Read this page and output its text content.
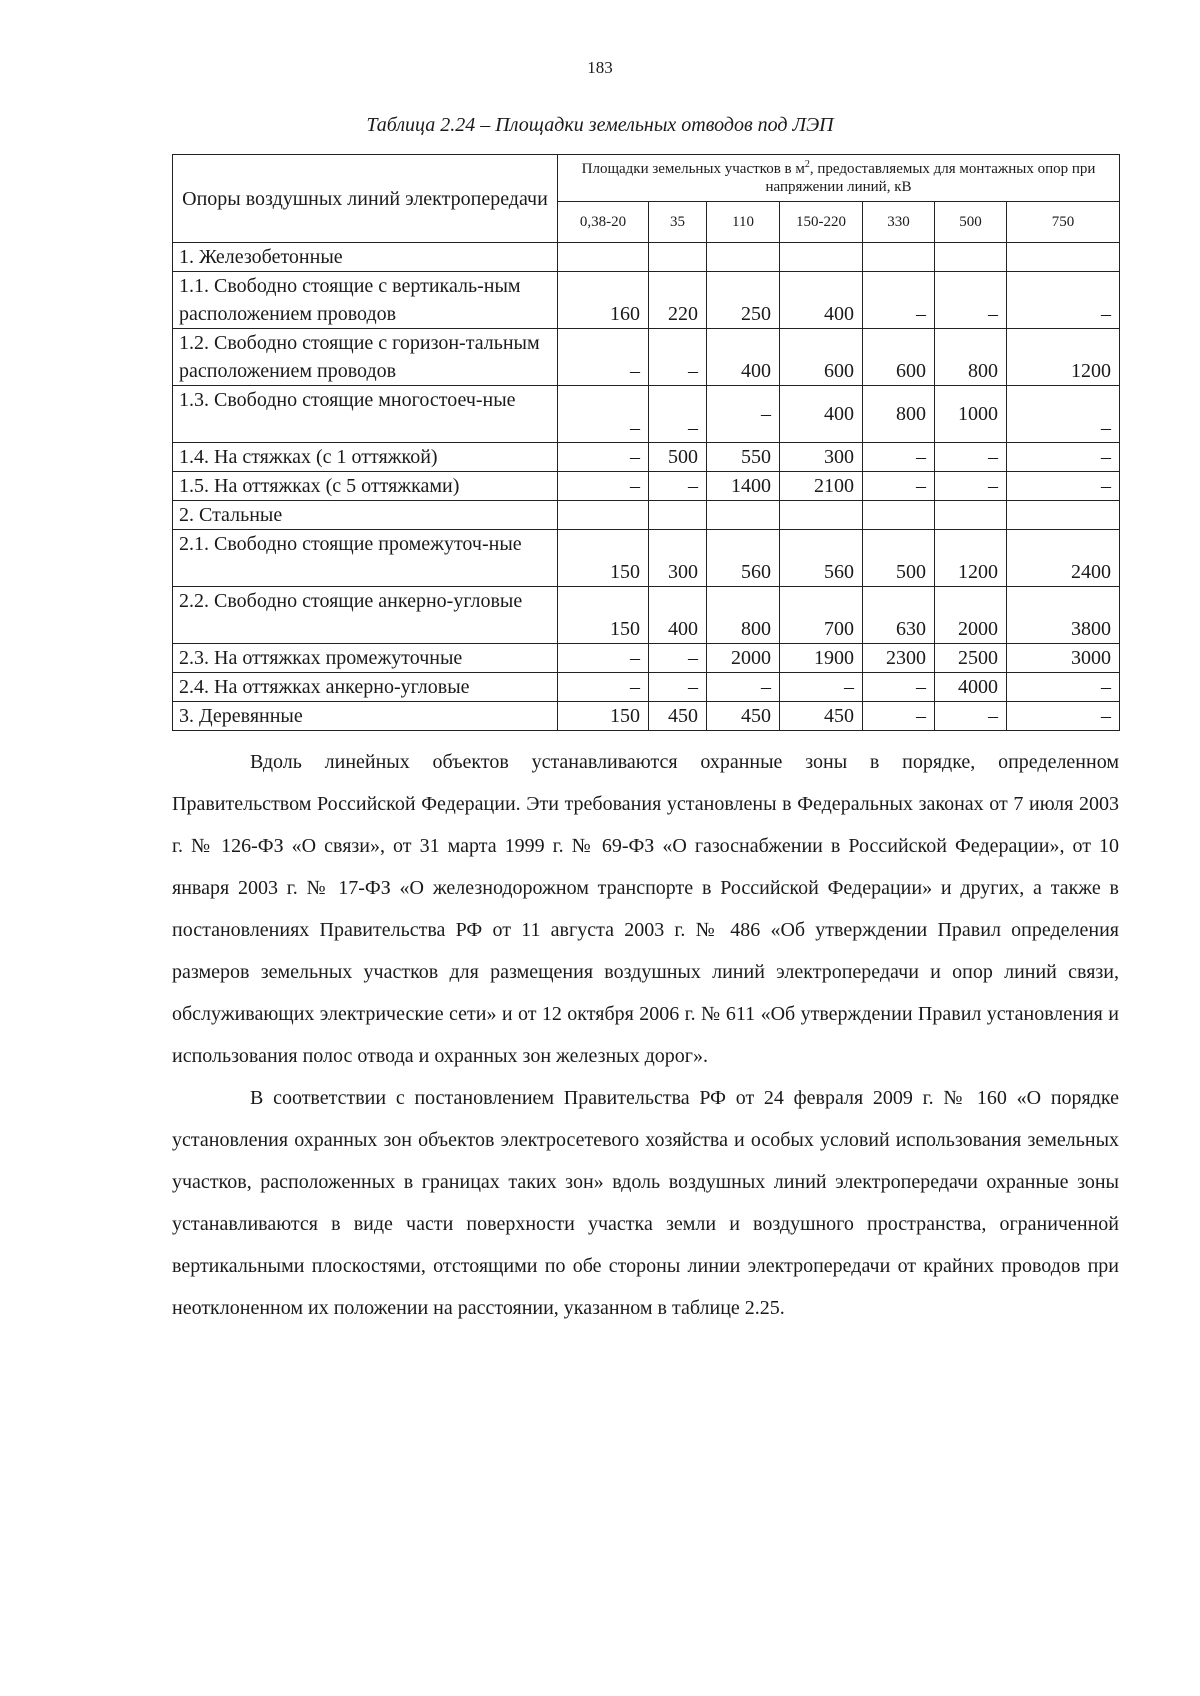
183
Таблица 2.24 – Площадки земельных отводов под ЛЭП
Опоры воздушных линий электропередачи	Площадки земельных участков в $м^2$, предоставляемых для монтажных опор при напряжении линий, кВ						
	0,38-20	35	110	150-220	330	500	750
1. Железобетонные							
1.1. Свободно стоящие с вертикаль-ным расположением проводов	160	220	250	400	–	–	–
1.2. Свободно стоящие с горизон-тальным расположением проводов	–	–	400	600	600	800	1200
1.3. Свободно стоящие многостоеч-ные	–	–	–	400	800	1000	–
1.4. На стяжках (с 1 оттяжкой)	–	500	550	300	–	–	–
1.5. На оттяжках (с 5 оттяжками)	–	–	1400	2100	–	–	–
2. Стальные							
2.1. Свободно стоящие промежуточ-ные	150	300	560	560	500	1200	2400
2.2. Свободно стоящие анкерно-угловые	150	400	800	700	630	2000	3800
2.3. На оттяжках промежуточные	–	–	2000	1900	2300	2500	3000
2.4. На оттяжках анкерно-угловые	–	–	–	–	–	4000	–
3. Деревянные	150	450	450	450	–	–	–

Вдоль линейных объектов устанавливаются охранные зоны в порядке, определенном Правительством Российской Федерации. Эти требования установлены в Федеральных законах от 7 июля 2003 г. № 126-ФЗ «О связи», от 31 марта 1999 г. № 69-ФЗ «О газоснабжении в Российской Федерации», от 10 января 2003 г. № 17-ФЗ «О железнодорожном транспорте в Российской Федерации» и других, а также в постановлениях Правительства РФ от 11 августа 2003 г. № 486 «Об утверждении Правил определения размеров земельных участков для размещения воздушных линий электропередачи и опор линий связи, обслуживающих электрические сети» и от 12 октября 2006 г. № 611 «Об утверждении Правил установления и использования полос отвода и охранных зон железных дорог».

В соответствии с постановлением Правительства РФ от 24 февраля 2009 г. № 160 «О порядке установления охранных зон объектов электросетевого хозяйства и особых условий использования земельных участков, расположенных в границах таких зон» вдоль воздушных линий электропередачи охранные зоны устанавливаются в виде части поверхности участка земли и воздушного пространства, ограниченной вертикальными плоскостями, отстоящими по обе стороны линии электропередачи от крайних проводов при неотклоненном их положении на расстоянии, указанном в таблице 2.25.
